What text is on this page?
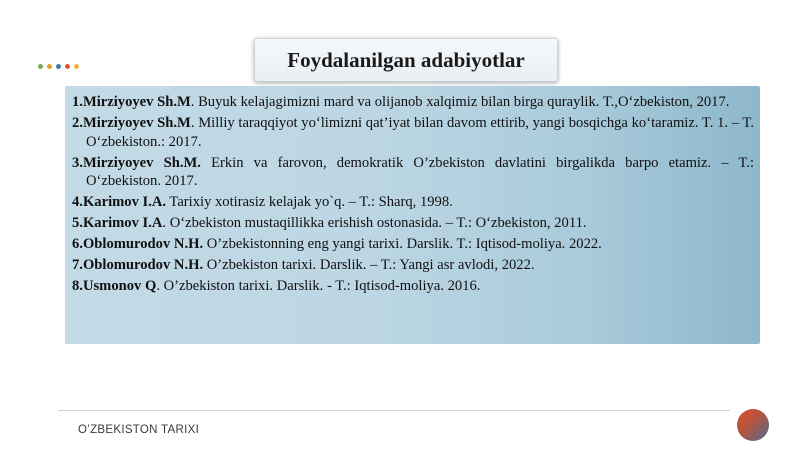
Foydalanilgan adabiyotlar

1.Mirziyoyev Sh.M. Buyuk kelajagimizni mard va olijanob xalqimiz bilan birga quraylik. T.,O‘zbekiston, 2017.

2.Mirziyoyev Sh.M. Milliy taraqqiyot yo‘limizni qat’iyat bilan davom ettirib, yangi bosqichga ko‘taramiz. T. 1. – T. O‘zbekiston.: 2017.

3.Mirziyoyev Sh.M. Erkin va farovon, demokratik O’zbekiston davlatini birgalikda barpo etamiz. – T.: O‘zbekiston. 2017.

4.Karimov I.A. Tarixiy xotirasiz kelajak yo`q. – T.: Sharq, 1998.

5.Karimov I.A. O‘zbekiston mustaqillikka erishish ostonasida. – T.: O‘zbekiston, 2011.

6.Oblomurodov N.H. O’zbekistonning eng yangi tarixi. Darslik. T.: Iqtisod-moliya. 2022.

7.Oblomurodov N.H. O’zbekiston tarixi. Darslik. – T.: Yangi asr avlodi, 2022.

8.Usmonov Q. O’zbekiston tarixi. Darslik. - T.: Iqtisod-moliya. 2016.

O’ZBEKISTON TARIXI
